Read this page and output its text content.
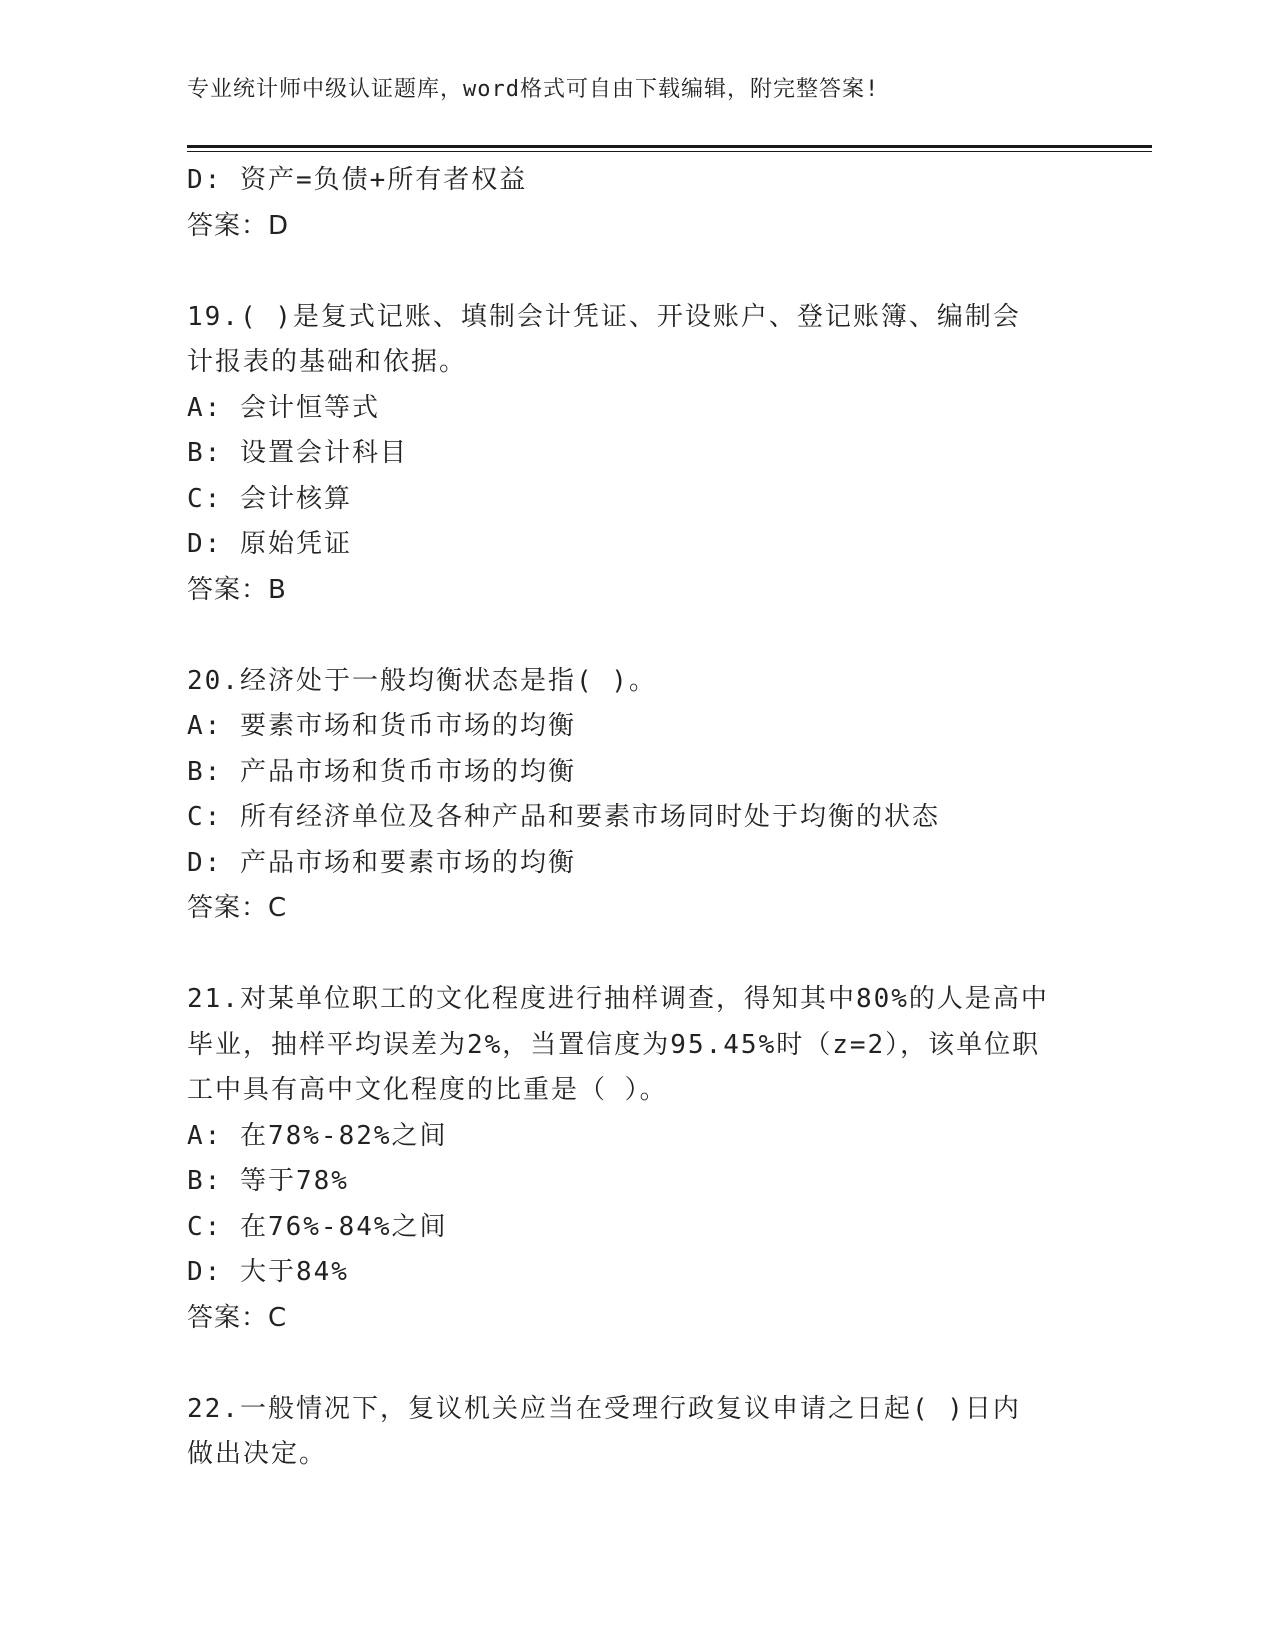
专业统计师中级认证题库，word格式可自由下载编辑，附完整答案!
D: 资产=负债+所有者权益
答案：D
19.( )是复式记账、填制会计凭证、开设账户、登记账簿、编制会
计报表的基础和依据。
A: 会计恒等式
B: 设置会计科目
C: 会计核算
D: 原始凭证
答案：B
20.经济处于一般均衡状态是指( )。
A: 要素市场和货币市场的均衡
B: 产品市场和货币市场的均衡
C: 所有经济单位及各种产品和要素市场同时处于均衡的状态
D: 产品市场和要素市场的均衡
答案：C
21.对某单位职工的文化程度进行抽样调查，得知其中80%的人是高中
毕业，抽样平均误差为2%，当置信度为95.45%时（z=2），该单位职
工中具有高中文化程度的比重是（ ）。
A: 在78%-82%之间
B: 等于78%
C: 在76%-84%之间
D: 大于84%
答案：C
22.一般情况下，复议机关应当在受理行政复议申请之日起( )日内
做出决定。
